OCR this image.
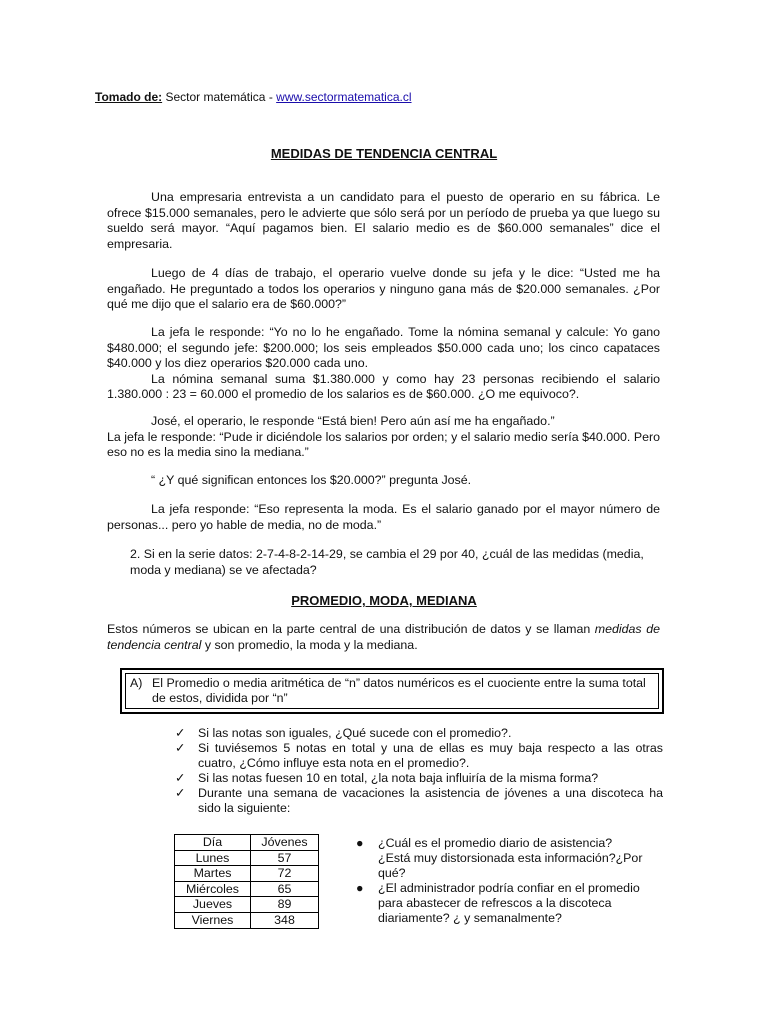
Tomado de: Sector matemática - www.sectormatematica.cl
MEDIDAS DE TENDENCIA CENTRAL

Una empresaria entrevista a un candidato para el puesto de operario en su fábrica. Le ofrece $15.000 semanales, pero le advierte que sólo será por un período de prueba ya que luego su sueldo será mayor. “Aquí pagamos bien. El salario medio es de $60.000 semanales” dice el empresaria.

Luego de 4 días de trabajo, el operario vuelve donde su jefa y le dice: “Usted me ha engañado. He preguntado a todos los operarios y ninguno gana más de $20.000 semanales. ¿Por qué me dijo que el salario era de $60.000?”

La jefa le responde: “Yo no lo he engañado. Tome la nómina semanal y calcule: Yo gano $480.000; el segundo jefe: $200.000; los seis empleados $50.000 cada uno; los cinco capataces $40.000 y los diez operarios $20.000 cada uno.

La nómina semanal suma $1.380.000 y como hay 23 personas recibiendo el salario 1.380.000 : 23 = 60.000 el promedio de los salarios es de $60.000. ¿O me equivoco?.

José, el operario, le responde “Está bien! Pero aún así me ha engañado.”

La jefa le responde: “Pude ir diciéndole los salarios por orden; y el salario medio sería $40.000. Pero eso no es la media sino la mediana.”

“ ¿Y qué significan entonces los $20.000?” pregunta José.

La jefa responde: “Eso representa la moda. Es el salario ganado por el mayor número de personas... pero yo hable de media, no de moda.”

2. Si en la serie datos: 2-7-4-8-2-14-29, se cambia el 29 por 40, ¿cuál de las medidas (media, moda y mediana) se ve afectada?
PROMEDIO, MODA, MEDIANA

Estos números se ubican en la parte central de una distribución de datos y se llaman medidas de tendencia central y son promedio, la moda y la mediana.

A) El Promedio o media aritmética de “n” datos numéricos es el cuociente entre la suma total de estos, dividida por “n”
✓ Si las notas son iguales, ¿Qué sucede con el promedio?.
✓ Si tuviésemos 5 notas en total y una de ellas es muy baja respecto a las otras cuatro, ¿Cómo influye esta nota en el promedio?.
✓ Si las notas fuesen 10 en total, ¿la nota baja influiría de la misma forma?
✓ Durante una semana de vacaciones la asistencia de jóvenes a una discoteca ha sido la siguiente:
Día	Jóvenes
Lunes	57
Martes	72
Miércoles	65
Jueves	89
Viernes	348
● ¿Cuál es el promedio diario de asistencia?¿Está muy distorsionada esta información?¿Por qué?
● ¿El administrador podría confiar en el promedio para abastecer de refrescos a la discoteca diariamente? ¿ y semanalmente?
